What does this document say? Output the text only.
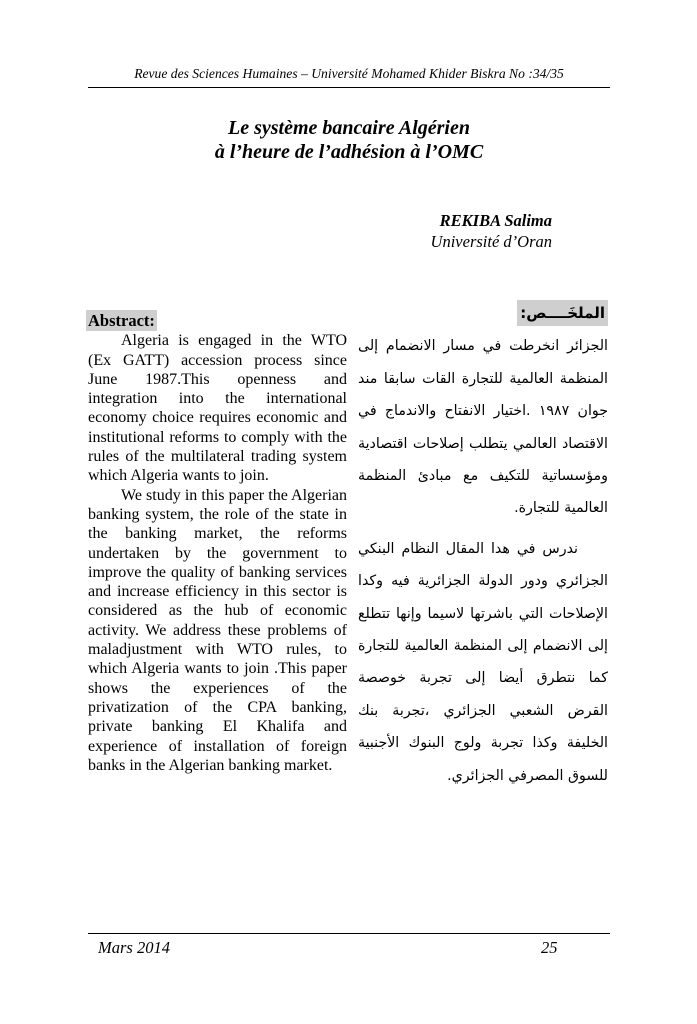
Revue des Sciences Humaines – Université Mohamed Khider Biskra No :34/35
Le système bancaire Algérien
à l’heure de l’adhésion à l’OMC
REKIBA Salima
Université d’Oran
Abstract:

Algeria is engaged in the WTO (Ex GATT) accession process since June 1987.This openness and integration into the international economy choice requires economic and institutional reforms to comply with the rules of the multilateral trading system which Algeria wants to join.

We study in this paper the Algerian banking system, the role of the state in the banking market, the reforms undertaken by the government to improve the quality of banking services and increase efficiency in this sector is considered as the hub of economic activity. We address these problems of maladjustment with WTO rules, to which Algeria wants to join .This paper shows the experiences of the privatization of the CPA banking, private banking El Khalifa and experience of installation of foreign banks in the Algerian banking market.

الملخَــــص:

الجزائر انخرطت في مسار الانضمام إلى المنظمة العالمية للتجارة القات سابقا مند جوان ١٩٨٧ .اختيار الانفتاح والاندماج في الاقتصاد العالمي يتطلب إصلاحات اقتصادية ومؤسساتية للتكيف مع مبادئ المنظمة العالمية للتجارة.

ندرس في هدا المقال النظام البنكي الجزائري ودور الدولة الجزائرية فيه وكدا الإصلاحات التي باشرتها لاسيما وإنها تتطلع إلى الانضمام إلى المنظمة العالمية للتجارة كما نتطرق أيضا إلى تجربة خوصصة القرض الشعبي الجزائري ،تجربة بنك الخليفة وكذا تجربة ولوج البنوك الأجنبية للسوق المصرفي الجزائري.

Mars 2014	25
